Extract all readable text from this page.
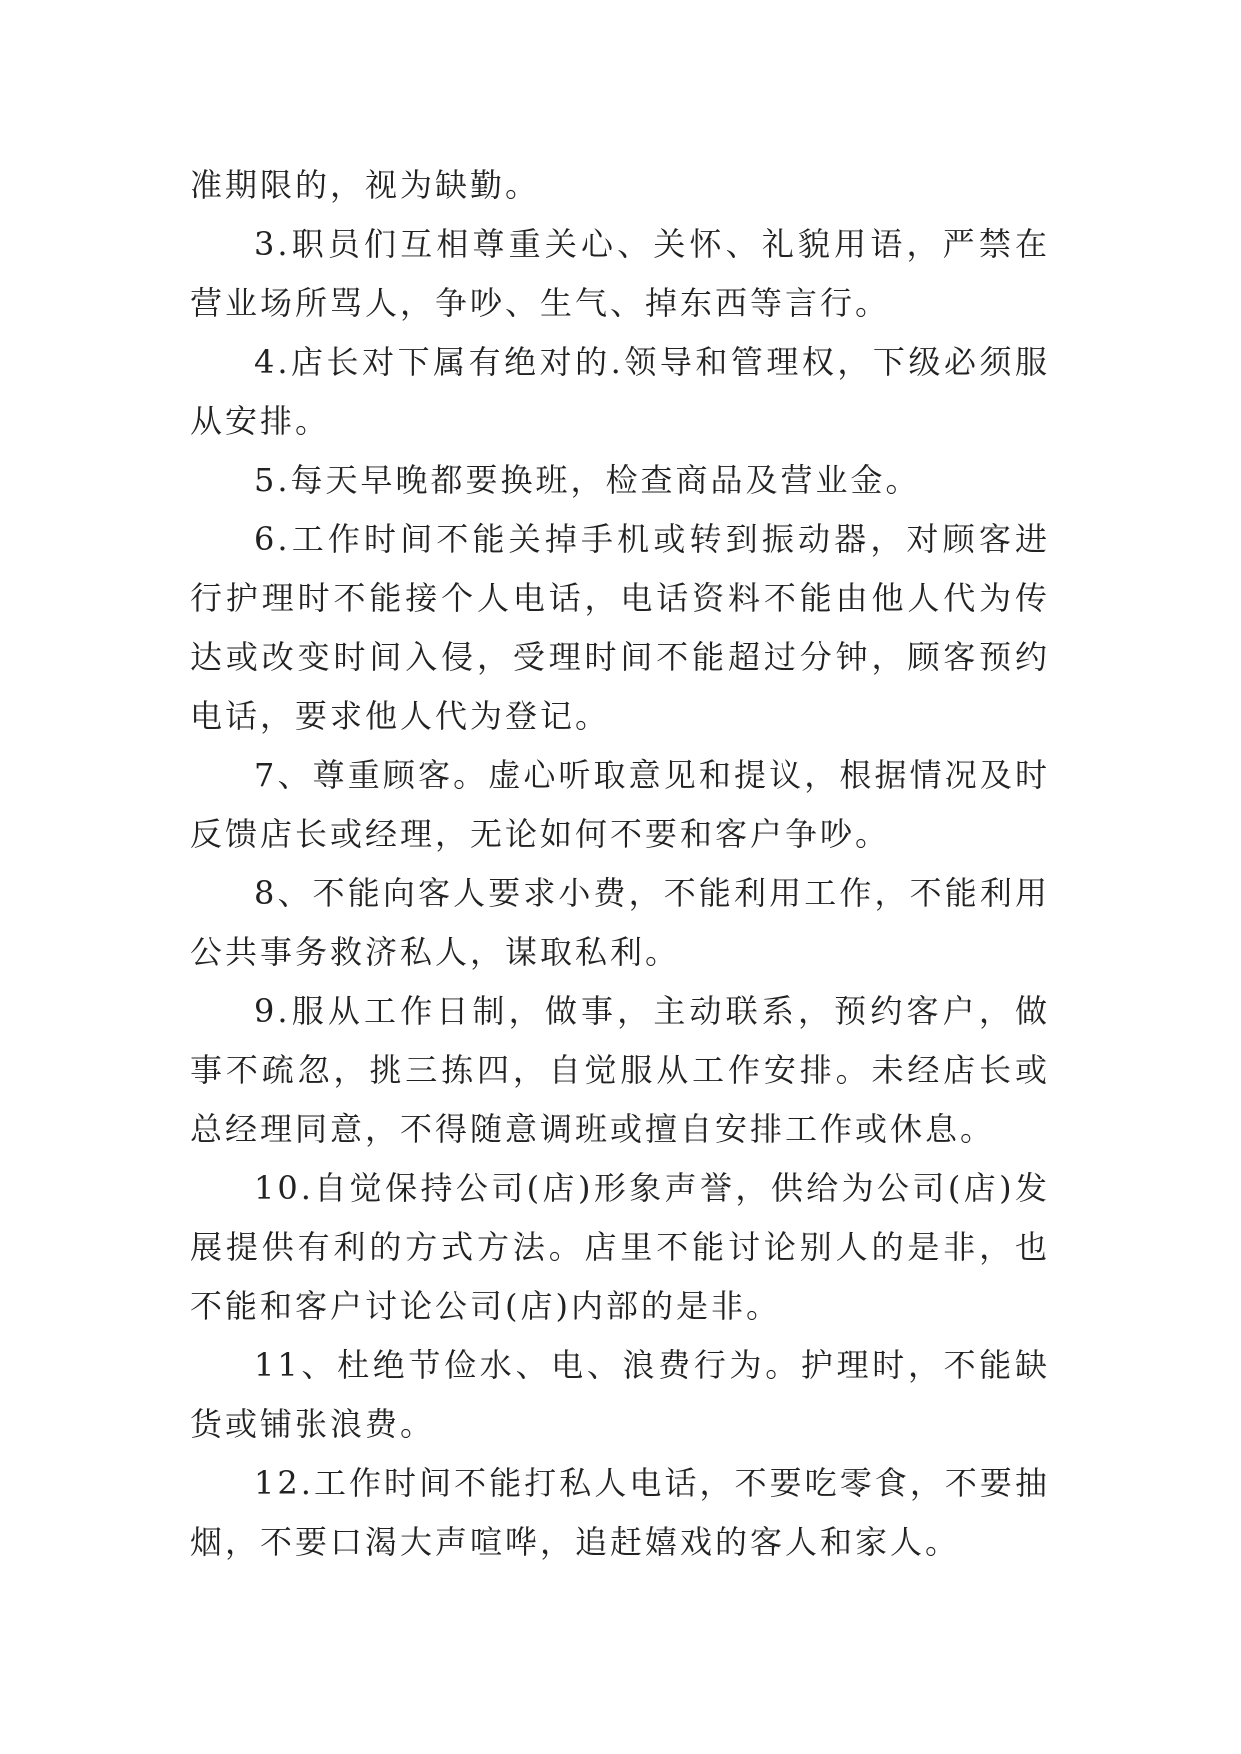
准期限的，视为缺勤。

3.职员们互相尊重关心、关怀、礼貌用语，严禁在营业场所骂人，争吵、生气、掉东西等言行。

4.店长对下属有绝对的.领导和管理权，下级必须服从安排。

5.每天早晚都要换班，检查商品及营业金。

6.工作时间不能关掉手机或转到振动器，对顾客进行护理时不能接个人电话，电话资料不能由他人代为传达或改变时间入侵，受理时间不能超过分钟，顾客预约电话，要求他人代为登记。

7、尊重顾客。虚心听取意见和提议，根据情况及时反馈店长或经理，无论如何不要和客户争吵。

8、不能向客人要求小费，不能利用工作，不能利用公共事务救济私人，谋取私利。

9.服从工作日制，做事，主动联系，预约客户，做事不疏忽，挑三拣四，自觉服从工作安排。未经店长或总经理同意，不得随意调班或擅自安排工作或休息。

10.自觉保持公司(店)形象声誉，供给为公司(店)发展提供有利的方式方法。店里不能讨论别人的是非，也不能和客户讨论公司(店)内部的是非。

11、杜绝节俭水、电、浪费行为。护理时，不能缺货或铺张浪费。

12.工作时间不能打私人电话，不要吃零食，不要抽烟，不要口渴大声喧哗，追赶嬉戏的客人和家人。
